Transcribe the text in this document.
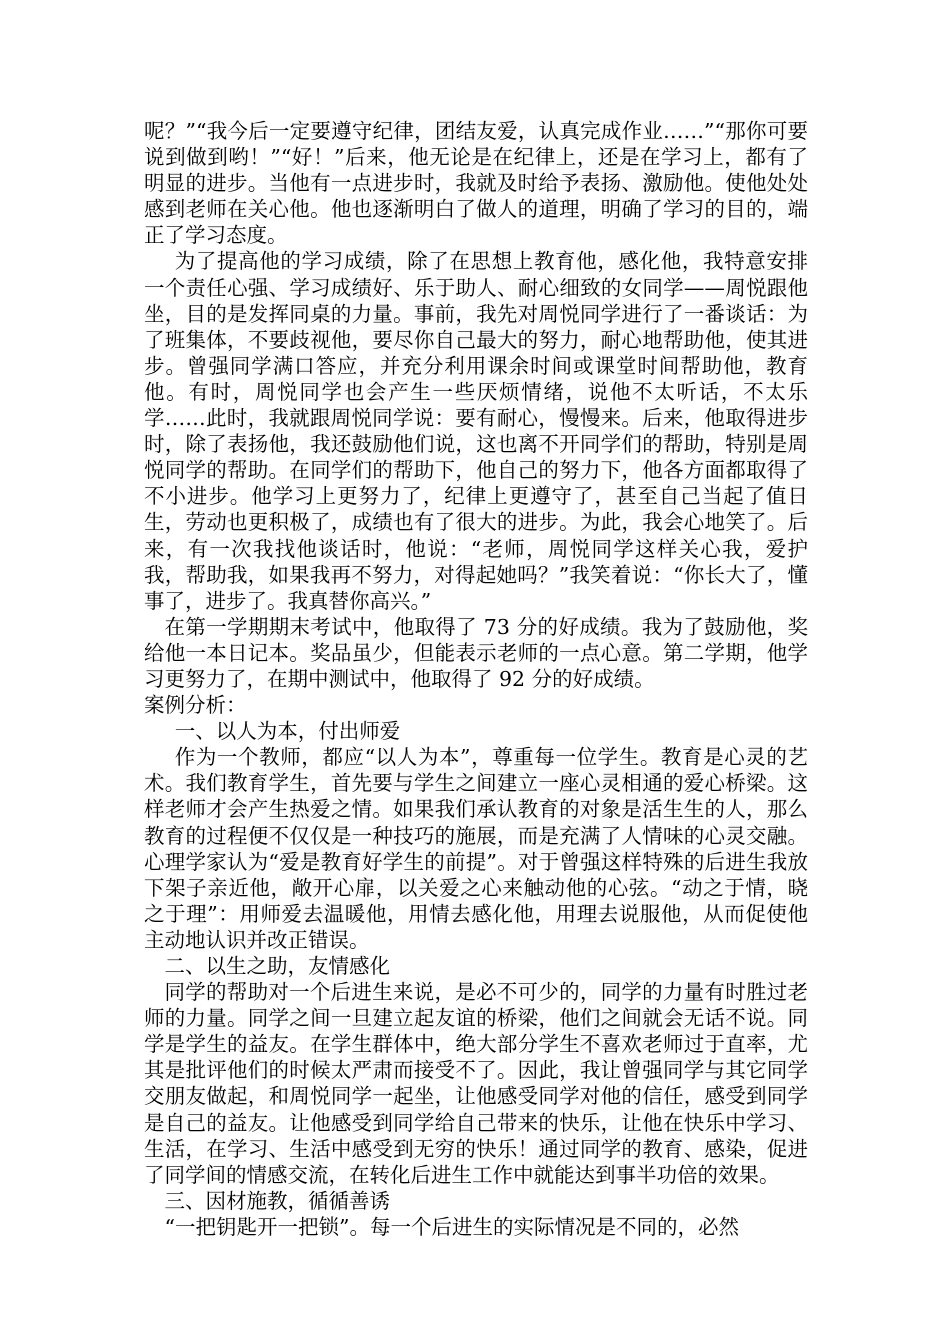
呢？”“我今后一定要遵守纪律，团结友爱，认真完成作业……”“那你可要说到做到哟！”“好！”后来，他无论是在纪律上，还是在学习上，都有了明显的进步。当他有一点进步时，我就及时给予表扬、激励他。使他处处感到老师在关心他。他也逐渐明白了做人的道理，明确了学习的目的，端正了学习态度。

为了提高他的学习成绩，除了在思想上教育他，感化他，我特意安排一个责任心强、学习成绩好、乐于助人、耐心细致的女同学——周悦跟他坐，目的是发挥同桌的力量。事前，我先对周悦同学进行了一番谈话：为了班集体，不要歧视他，要尽你自己最大的努力，耐心地帮助他，使其进步。曾强同学满口答应，并充分利用课余时间或课堂时间帮助他，教育他。有时，周悦同学也会产生一些厌烦情绪，说他不太听话，不太乐学……此时，我就跟周悦同学说：要有耐心，慢慢来。后来，他取得进步时，除了表扬他，我还鼓励他们说，这也离不开同学们的帮助，特别是周悦同学的帮助。在同学们的帮助下，他自己的努力下，他各方面都取得了不小进步。他学习上更努力了，纪律上更遵守了，甚至自己当起了值日生，劳动也更积极了，成绩也有了很大的进步。为此，我会心地笑了。后来，有一次我找他谈话时，他说：“老师，周悦同学这样关心我，爱护我，帮助我，如果我再不努力，对得起她吗？”我笑着说：“你长大了，懂事了，进步了。我真替你高兴。”

在第一学期期末考试中，他取得了 73 分的好成绩。我为了鼓励他，奖给他一本日记本。奖品虽少，但能表示老师的一点心意。第二学期，他学习更努力了，在期中测试中，他取得了 92 分的好成绩。

案例分析：

一、以人为本，付出师爱

作为一个教师，都应“以人为本”，尊重每一位学生。教育是心灵的艺术。我们教育学生，首先要与学生之间建立一座心灵相通的爱心桥梁。这样老师才会产生热爱之情。如果我们承认教育的对象是活生生的人，那么教育的过程便不仅仅是一种技巧的施展，而是充满了人情味的心灵交融。心理学家认为“爱是教育好学生的前提”。对于曾强这样特殊的后进生我放下架子亲近他，敞开心扉，以关爱之心来触动他的心弦。“动之于情，晓之于理”：用师爱去温暖他，用情去感化他，用理去说服他，从而促使他主动地认识并改正错误。

二、以生之助，友情感化

同学的帮助对一个后进生来说，是必不可少的，同学的力量有时胜过老师的力量。同学之间一旦建立起友谊的桥梁，他们之间就会无话不说。同学是学生的益友。在学生群体中，绝大部分学生不喜欢老师过于直率，尤其是批评他们的时候太严肃而接受不了。因此，我让曾强同学与其它同学交朋友做起，和周悦同学一起坐，让他感受同学对他的信任，感受到同学是自己的益友。让他感受到同学给自己带来的快乐，让他在快乐中学习、生活，在学习、生活中感受到无穷的快乐！通过同学的教育、感染，促进了同学间的情感交流，在转化后进生工作中就能达到事半功倍的效果。

三、因材施教，循循善诱

“一把钥匙开一把锁”。每一个后进生的实际情况是不同的，必然
